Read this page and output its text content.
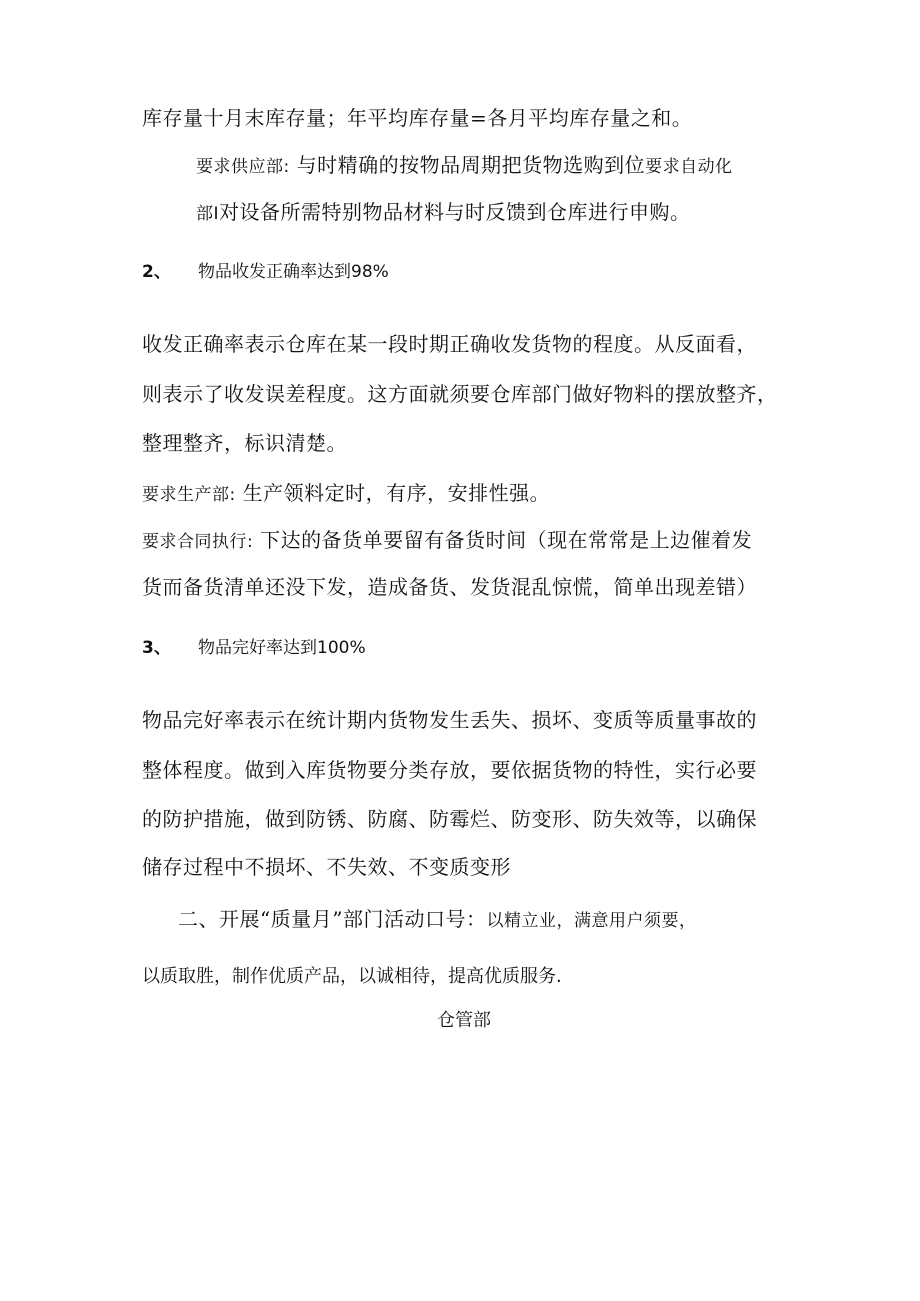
库存量十月末库存量；年平均库存量=各月平均库存量之和。
要求供应部: 与时精确的按物品周期把货物选购到位要求自动化
部I对设备所需特别物品材料与时反馈到仓库进行申购。
2、 物品收发正确率达到98%
收发正确率表示仓库在某一段时期正确收发货物的程度。从反面看，
则表示了收发误差程度。这方面就须要仓库部门做好物料的摆放整齐，
整理整齐，标识清楚。
要求生产部: 生产领料定时，有序，安排性强。
要求合同执行: 下达的备货单要留有备货时间（现在常常是上边催着发
货而备货清单还没下发，造成备货、发货混乱惊慌，简单出现差错）
3、 物品完好率达到100%
物品完好率表示在统计期内货物发生丢失、损坏、变质等质量事故的
整体程度。做到入库货物要分类存放，要依据货物的特性，实行必要
的防护措施，做到防锈、防腐、防霉烂、防变形、防失效等，以确保
储存过程中不损坏、不失效、不变质变形
二、开展“质量月”部门活动口号：以精立业，满意用户须要，
以质取胜，制作优质产品，以诚相待，提高优质服务.
仓管部
